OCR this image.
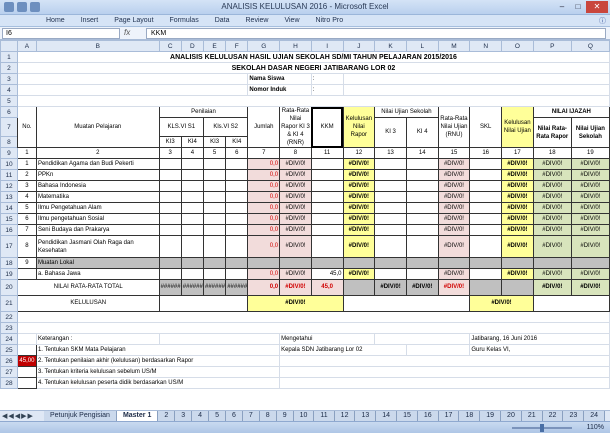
ANALISIS KELULUSAN 2016 - Microsoft Excel	–	□	✕
Home	Insert	Page Layout	Formulas	Data	Review	View	Nitro Pro	ⓘ
I6	fx	KKM
	A	B	C	D	E	F	G	H	I	J	K	L	M	N	O	P	Q
1	ANALISIS KELULUSAN HASIL UJIAN SEKOLAH SD/MI TAHUN PELAJARAN 2015/2016																
2	SEKOLAH DASAR NEGERI JATIBARANG LOR 02																
3							Nama Siswa		:								
4							Nomor Induk		:								
5																	
6	No.	Muatan Pelajaran	Penilaian				Jumlah	Rata-Rata Nilai Rapor KI 3 & KI 4 (RNR)	KKM	Kelulusan Nilai Rapor	Nilai Ujian Sekolah		Rata-Rata Nilai Ujian (RNU)	SKL	Kelulusan Nilai Ujian	NILAI IJAZAH	
7			KLS.VI S1		Kls.VI S2						KI 3	KI 4				Nilai Rata-Rata Rapor	Nilai Ujian Sekolah
8			KI3	KI4	KI3	KI4											
9	1	2	3	4	5	6	7	8	11	12	13	14	15	16	17	18	19
10	1	Pendidikan Agama dan Budi Pekerti					0,0	#DIV/0!		#DIV/0!			#DIV/0!		#DIV/0!	#DIV/0!	#DIV/0!
11	2	PPKn					0,0	#DIV/0!		#DIV/0!			#DIV/0!		#DIV/0!	#DIV/0!	#DIV/0!
12	3	Bahasa Indonesia					0,0	#DIV/0!		#DIV/0!			#DIV/0!		#DIV/0!	#DIV/0!	#DIV/0!
13	4	Matematika					0,0	#DIV/0!		#DIV/0!			#DIV/0!		#DIV/0!	#DIV/0!	#DIV/0!
14	5	Ilmu Pengetahuan Alam					0,0	#DIV/0!		#DIV/0!			#DIV/0!		#DIV/0!	#DIV/0!	#DIV/0!
15	6	Ilmu pengetahuan Sosial					0,0	#DIV/0!		#DIV/0!			#DIV/0!		#DIV/0!	#DIV/0!	#DIV/0!
16	7	Seni Budaya dan Prakarya					0,0	#DIV/0!		#DIV/0!			#DIV/0!		#DIV/0!	#DIV/0!	#DIV/0!
17	8	Pendidikan Jasmani Olah Raga dan Kesehatan					0,0	#DIV/0!		#DIV/0!			#DIV/0!		#DIV/0!	#DIV/0!	#DIV/0!
18	9	Muatan Lokal															
19		a. Bahasa Jawa					0,0	#DIV/0!	45,0	#DIV/0!			#DIV/0!		#DIV/0!	#DIV/0!	#DIV/0!
20	NILAI RATA-RATA TOTAL		######	######	######	######	0,0	#DIV/0!	45,0		#DIV/0!	#DIV/0!	#DIV/0!			#DIV/0!	#DIV/0!
21	KELULUSAN						#DIV/0!							#DIV/0!			
22																	
23																	
24		Keterangan :						Mengetahui						Jatibarang, 16 Juni 2016			
25		1. Tentukan SKM Mata Pelajaran						Kepala SDN Jatibarang Lor 02						Guru Kelas VI,			
26	45,00	2. Tentukan penilaian akhir (kelulusan) berdasarkan Rapor															
27		3. Tentukan kriteria kelulusan sebelum US/M															
28		4. Tentukan kelulusan peserta didik berdasarkan US/M															
◀◀◀▶▶	Petunjuk Pengisian	Master 1	2	3	4	5	6	7	8	9	10	11	12	13	14	15	16	17	18	19	20	21	22	23	24
110%
